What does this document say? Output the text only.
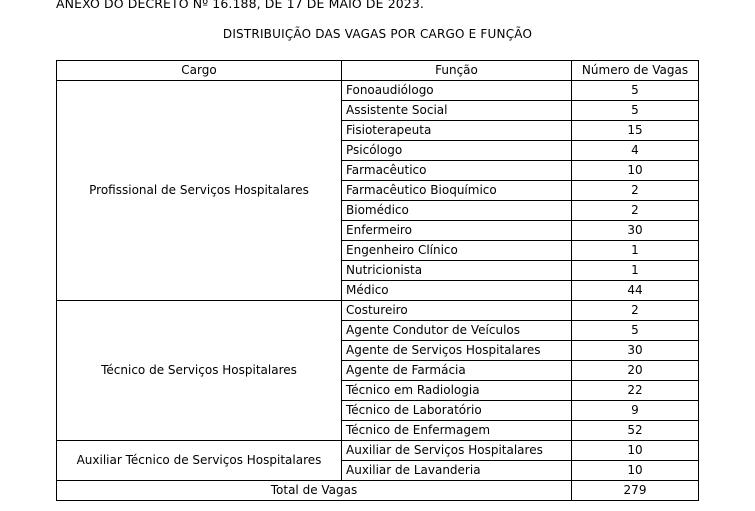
ANEXO DO DECRETO Nº 16.188, DE 17 DE MAIO DE 2023.
DISTRIBUIÇÃO DAS VAGAS POR CARGO E FUNÇÃO
Cargo	Função	Número de Vagas
Profissional de Serviços Hospitalares	Fonoaudiólogo	5
	Assistente Social	5
	Fisioterapeuta	15
	Psicólogo	4
	Farmacêutico	10
	Farmacêutico Bioquímico	2
	Biomédico	2
	Enfermeiro	30
	Engenheiro Clínico	1
	Nutricionista	1
	Médico	44
Técnico de Serviços Hospitalares	Costureiro	2
	Agente Condutor de Veículos	5
	Agente de Serviços Hospitalares	30
	Agente de Farmácia	20
	Técnico em Radiologia	22
	Técnico de Laboratório	9
	Técnico de Enfermagem	52
Auxiliar Técnico de Serviços Hospitalares	Auxiliar de Serviços Hospitalares	10
	Auxiliar de Lavanderia	10
Total de Vagas		279
